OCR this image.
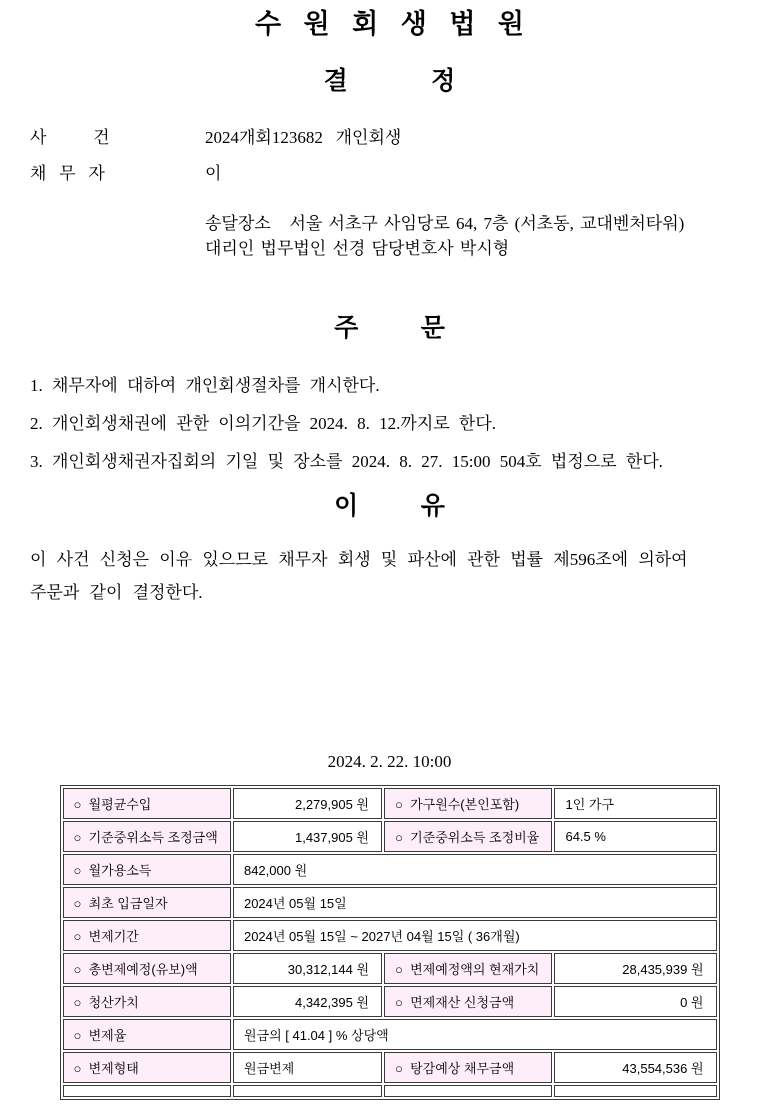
수   원   회   생   법   원
결            정
사           건	2024개회123682   개인회생
채   무   자	이
송달장소   서울 서초구 사임당로 64, 7층 (서초동, 교대벤처타워)
대리인 법무법인 선경 담당변호사 박시형
주         문
1. 채무자에 대하여 개인회생절차를 개시한다.
2. 개인회생채권에 관한 이의기간을 2024. 8. 12.까지로 한다.
3. 개인회생채권자집회의 기일 및 장소를 2024. 8. 27. 15:00 504호 법정으로 한다.
이         유
이 사건 신청은 이유 있으므로 채무자 회생 및 파산에 관한 법률 제596조에 의하여
주문과 같이 결정한다.
2024. 2. 22. 10:00
○  월평균수입	2,279,905 원	○  가구원수(본인포함)	1인 가구
○  기준중위소득 조정금액	1,437,905 원	○  기준중위소득 조정비율	64.5 %
○  월가용소득	842,000 원		
○  최초 입금일자	2024년 05월 15일		
○  변제기간	2024년 05월 15일 ~ 2027년 04월 15일 ( 36개월)		
○  총변제예정(유보)액	30,312,144 원	○  변제예정액의 현재가치	28,435,939 원
○  청산가치	4,342,395 원	○  면제재산 신청금액	0 원
○  변제율	원금의 [ 41.04 ] % 상당액		
○  변제형태	원금변제	○  탕감예상 채무금액	43,554,536 원
